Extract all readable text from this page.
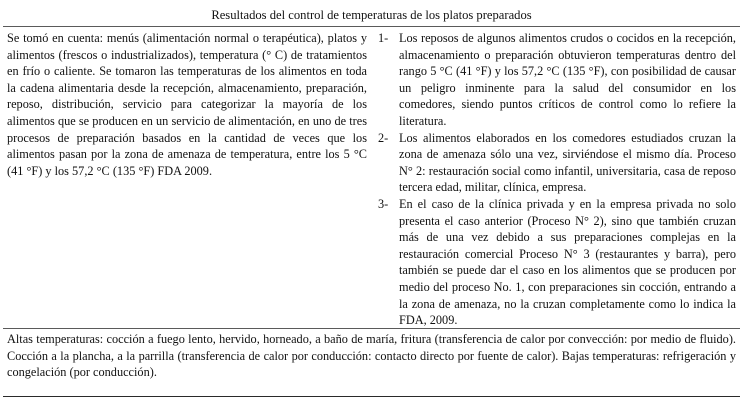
Resultados del control de temperaturas de los platos preparados

Se tomó en cuenta: menús (alimentación normal o terapéutica), platos y alimentos (frescos o industrializados), temperatura (° C) de tratamientos en frío o caliente. Se tomaron las temperaturas de los alimentos en toda la cadena alimentaria desde la recepción, almacenamiento, preparación, reposo, distribución, servicio para categorizar la mayoría de los alimentos que se producen en un servicio de alimentación, en uno de tres procesos de preparación basados en la cantidad de veces que los alimentos pasan por la zona de amenaza de temperatura, entre los 5 °C (41 °F) y los 57,2 °C (135 °F) FDA 2009.

1- Los reposos de algunos alimentos crudos o cocidos en la recepción, almacenamiento o preparación obtuvieron temperaturas dentro del rango 5 °C (41 °F) y los 57,2 °C (135 °F), con posibilidad de causar un peligro inminente para la salud del consumidor en los comedores, siendo puntos críticos de control como lo refiere la literatura.
2- Los alimentos elaborados en los comedores estudiados cruzan la zona de amenaza sólo una vez, sirviéndose el mismo día. Proceso N° 2: restauración social como infantil, universitaria, casa de reposo tercera edad, militar, clínica, empresa.
3- En el caso de la clínica privada y en la empresa privada no solo presenta el caso anterior (Proceso N° 2), sino que también cruzan más de una vez debido a sus preparaciones complejas en la restauración comercial Proceso N° 3 (restaurantes y barra), pero también se puede dar el caso en los alimentos que se producen por medio del proceso No. 1, con preparaciones sin cocción, entrando a la zona de amenaza, no la cruzan completamente como lo indica la FDA, 2009.

Altas temperaturas: cocción a fuego lento, hervido, horneado, a baño de maría, fritura (transferencia de calor por convección: por medio de fluido). Cocción a la plancha, a la parrilla (transferencia de calor por conducción: contacto directo por fuente de calor). Bajas temperaturas: refrigeración y congelación (por conducción).
